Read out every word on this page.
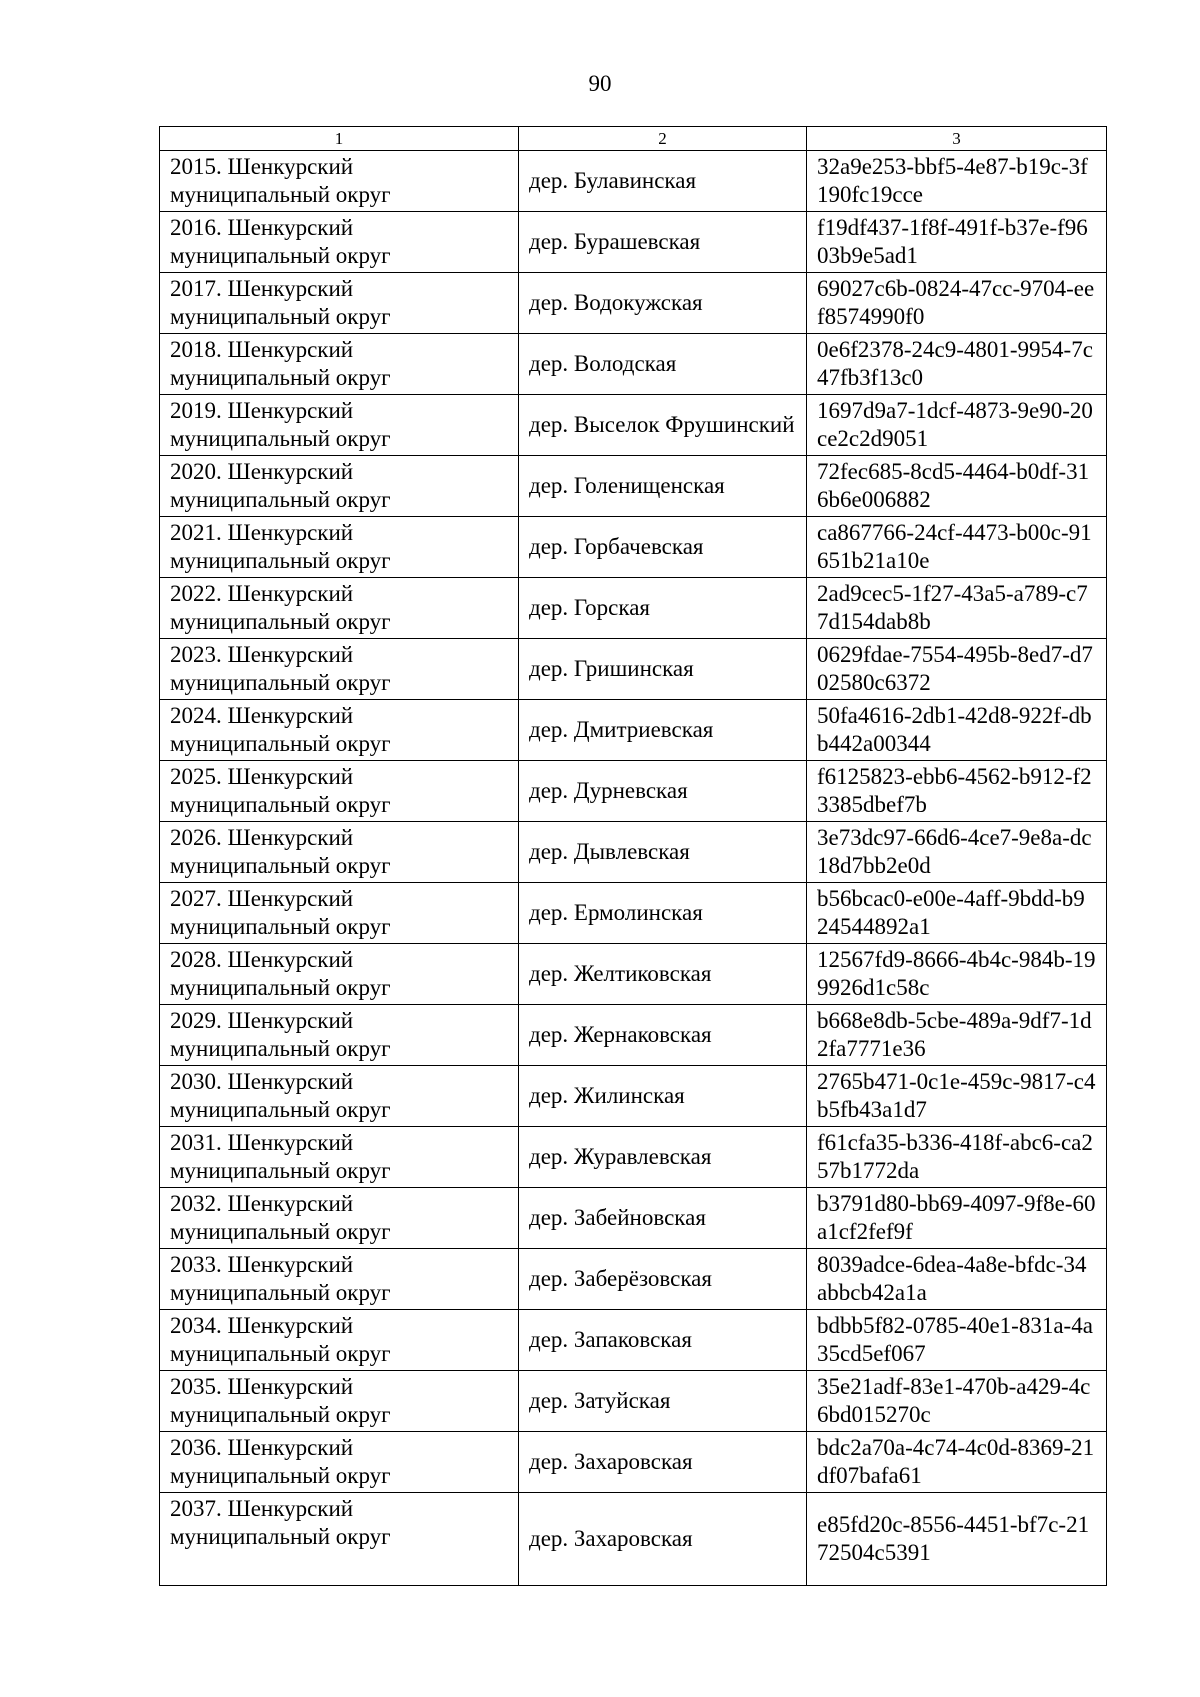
90
1	2	3
2015. Шенкурский муниципальный округ	дер. Булавинская	32a9e253-bbf5-4e87-b19c-3f190fc19cce
2016. Шенкурский муниципальный округ	дер. Бурашевская	f19df437-1f8f-491f-b37e-f9603b9e5ad1
2017. Шенкурский муниципальный округ	дер. Водокужская	69027c6b-0824-47cc-9704-eef8574990f0
2018. Шенкурский муниципальный округ	дер. Володская	0e6f2378-24c9-4801-9954-7c47fb3f13c0
2019. Шенкурский муниципальный округ	дер. Выселок Фрушинский	1697d9a7-1dcf-4873-9e90-20ce2c2d9051
2020. Шенкурский муниципальный округ	дер. Голенищенская	72fec685-8cd5-4464-b0df-316b6e006882
2021. Шенкурский муниципальный округ	дер. Горбачевская	ca867766-24cf-4473-b00c-91651b21a10e
2022. Шенкурский муниципальный округ	дер. Горская	2ad9cec5-1f27-43a5-a789-c77d154dab8b
2023. Шенкурский муниципальный округ	дер. Гришинская	0629fdae-7554-495b-8ed7-d702580c6372
2024. Шенкурский муниципальный округ	дер. Дмитриевская	50fa4616-2db1-42d8-922f-dbb442a00344
2025. Шенкурский муниципальный округ	дер. Дурневская	f6125823-ebb6-4562-b912-f23385dbef7b
2026. Шенкурский муниципальный округ	дер. Дывлевская	3e73dc97-66d6-4ce7-9e8a-dc18d7bb2e0d
2027. Шенкурский муниципальный округ	дер. Ермолинская	b56bcac0-e00e-4aff-9bdd-b924544892a1
2028. Шенкурский муниципальный округ	дер. Желтиковская	12567fd9-8666-4b4c-984b-199926d1c58c
2029. Шенкурский муниципальный округ	дер. Жернаковская	b668e8db-5cbe-489a-9df7-1d2fa7771e36
2030. Шенкурский муниципальный округ	дер. Жилинская	2765b471-0c1e-459c-9817-c4b5fb43a1d7
2031. Шенкурский муниципальный округ	дер. Журавлевская	f61cfa35-b336-418f-abc6-ca257b1772da
2032. Шенкурский муниципальный округ	дер. Забейновская	b3791d80-bb69-4097-9f8e-60a1cf2fef9f
2033. Шенкурский муниципальный округ	дер. Заберёзовская	8039adce-6dea-4a8e-bfdc-34abbcb42a1a
2034. Шенкурский муниципальный округ	дер. Запаковская	bdbb5f82-0785-40e1-831a-4a35cd5ef067
2035. Шенкурский муниципальный округ	дер. Затуйская	35e21adf-83e1-470b-a429-4c6bd015270c
2036. Шенкурский муниципальный округ	дер. Захаровская	bdc2a70a-4c74-4c0d-8369-21df07bafa61
2037. Шенкурский муниципальный округ	дер. Захаровская	e85fd20c-8556-4451-bf7c-2172504c5391
